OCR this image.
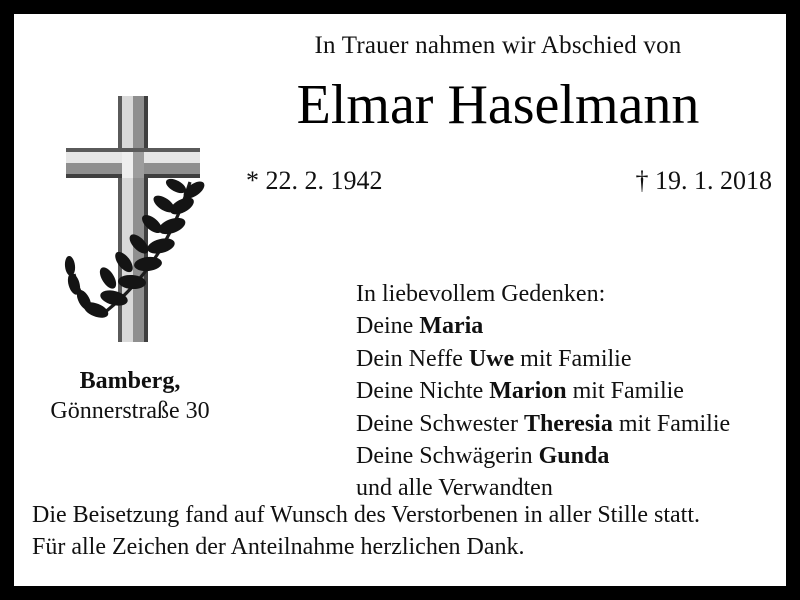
In Trauer nahmen wir Abschied von
Elmar Haselmann
* 22. 2. 1942	† 19. 1. 2018
Bamberg,
Gönnerstraße 30
In liebevollem Gedenken:
Deine Maria
Dein Neffe Uwe mit Familie
Deine Nichte Marion mit Familie
Deine Schwester Theresia mit Familie
Deine Schwägerin Gunda
und alle Verwandten
Die Beisetzung fand auf Wunsch des Verstorbenen in aller Stille statt.
Für alle Zeichen der Anteilnahme herzlichen Dank.
